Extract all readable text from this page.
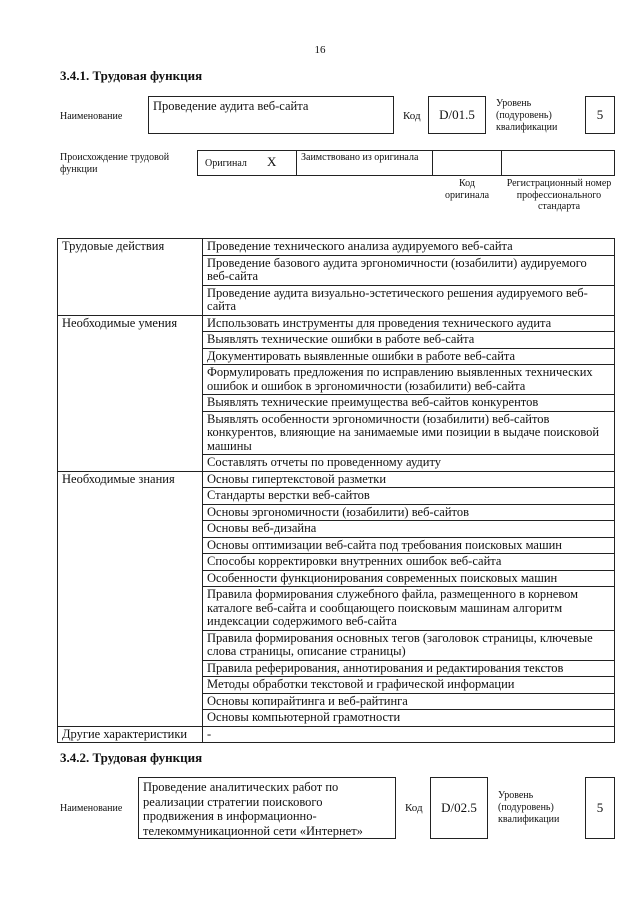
16
3.4.1. Трудовая функция
Наименование
Проведение аудита веб-сайта
Код D/01.5
Уровень (подуровень) квалификации
5
Происхождение трудовой функции
Оригинал Х Заимствовано из оригинала
Код оригинала
Регистрационный номер профессионального стандарта
Трудовые действия	Проведение технического анализа аудируемого веб-сайта
	Проведение базового аудита эргономичности (юзабилити) аудируемого веб-сайта
	Проведение аудита визуально-эстетического решения аудируемого веб-сайта
Необходимые умения	Использовать инструменты для проведения технического аудита
	Выявлять технические ошибки в работе веб-сайта
	Документировать выявленные ошибки в работе веб-сайта
	Формулировать предложения по исправлению выявленных технических ошибок и ошибок в эргономичности (юзабилити) веб-сайта
	Выявлять технические преимущества веб-сайтов конкурентов
	Выявлять особенности эргономичности (юзабилити) веб-сайтов конкурентов, влияющие на занимаемые ими позиции в выдаче поисковой машины
	Составлять отчеты по проведенному аудиту
Необходимые знания	Основы гипертекстовой разметки
	Стандарты верстки веб-сайтов
	Основы эргономичности (юзабилити) веб-сайтов
	Основы веб-дизайна
	Основы оптимизации веб-сайта под требования поисковых машин
	Способы корректировки внутренних ошибок веб-сайта
	Особенности функционирования современных поисковых машин
	Правила формирования служебного файла, размещенного в корневом каталоге веб-сайта и сообщающего поисковым машинам алгоритм индексации содержимого веб-сайта
	Правила формирования основных тегов (заголовок страницы, ключевые слова страницы, описание страницы)
	Правила реферирования, аннотирования и редактирования текстов
	Методы обработки текстовой и графической информации
	Основы копирайтинга и веб-райтинга
	Основы компьютерной грамотности
Другие характеристики	-
3.4.2. Трудовая функция
Наименование
Проведение аналитических работ по реализации стратегии поискового продвижения в информационно-телекоммуникационной сети «Интернет»
Код D/02.5
Уровень (подуровень) квалификации
5
